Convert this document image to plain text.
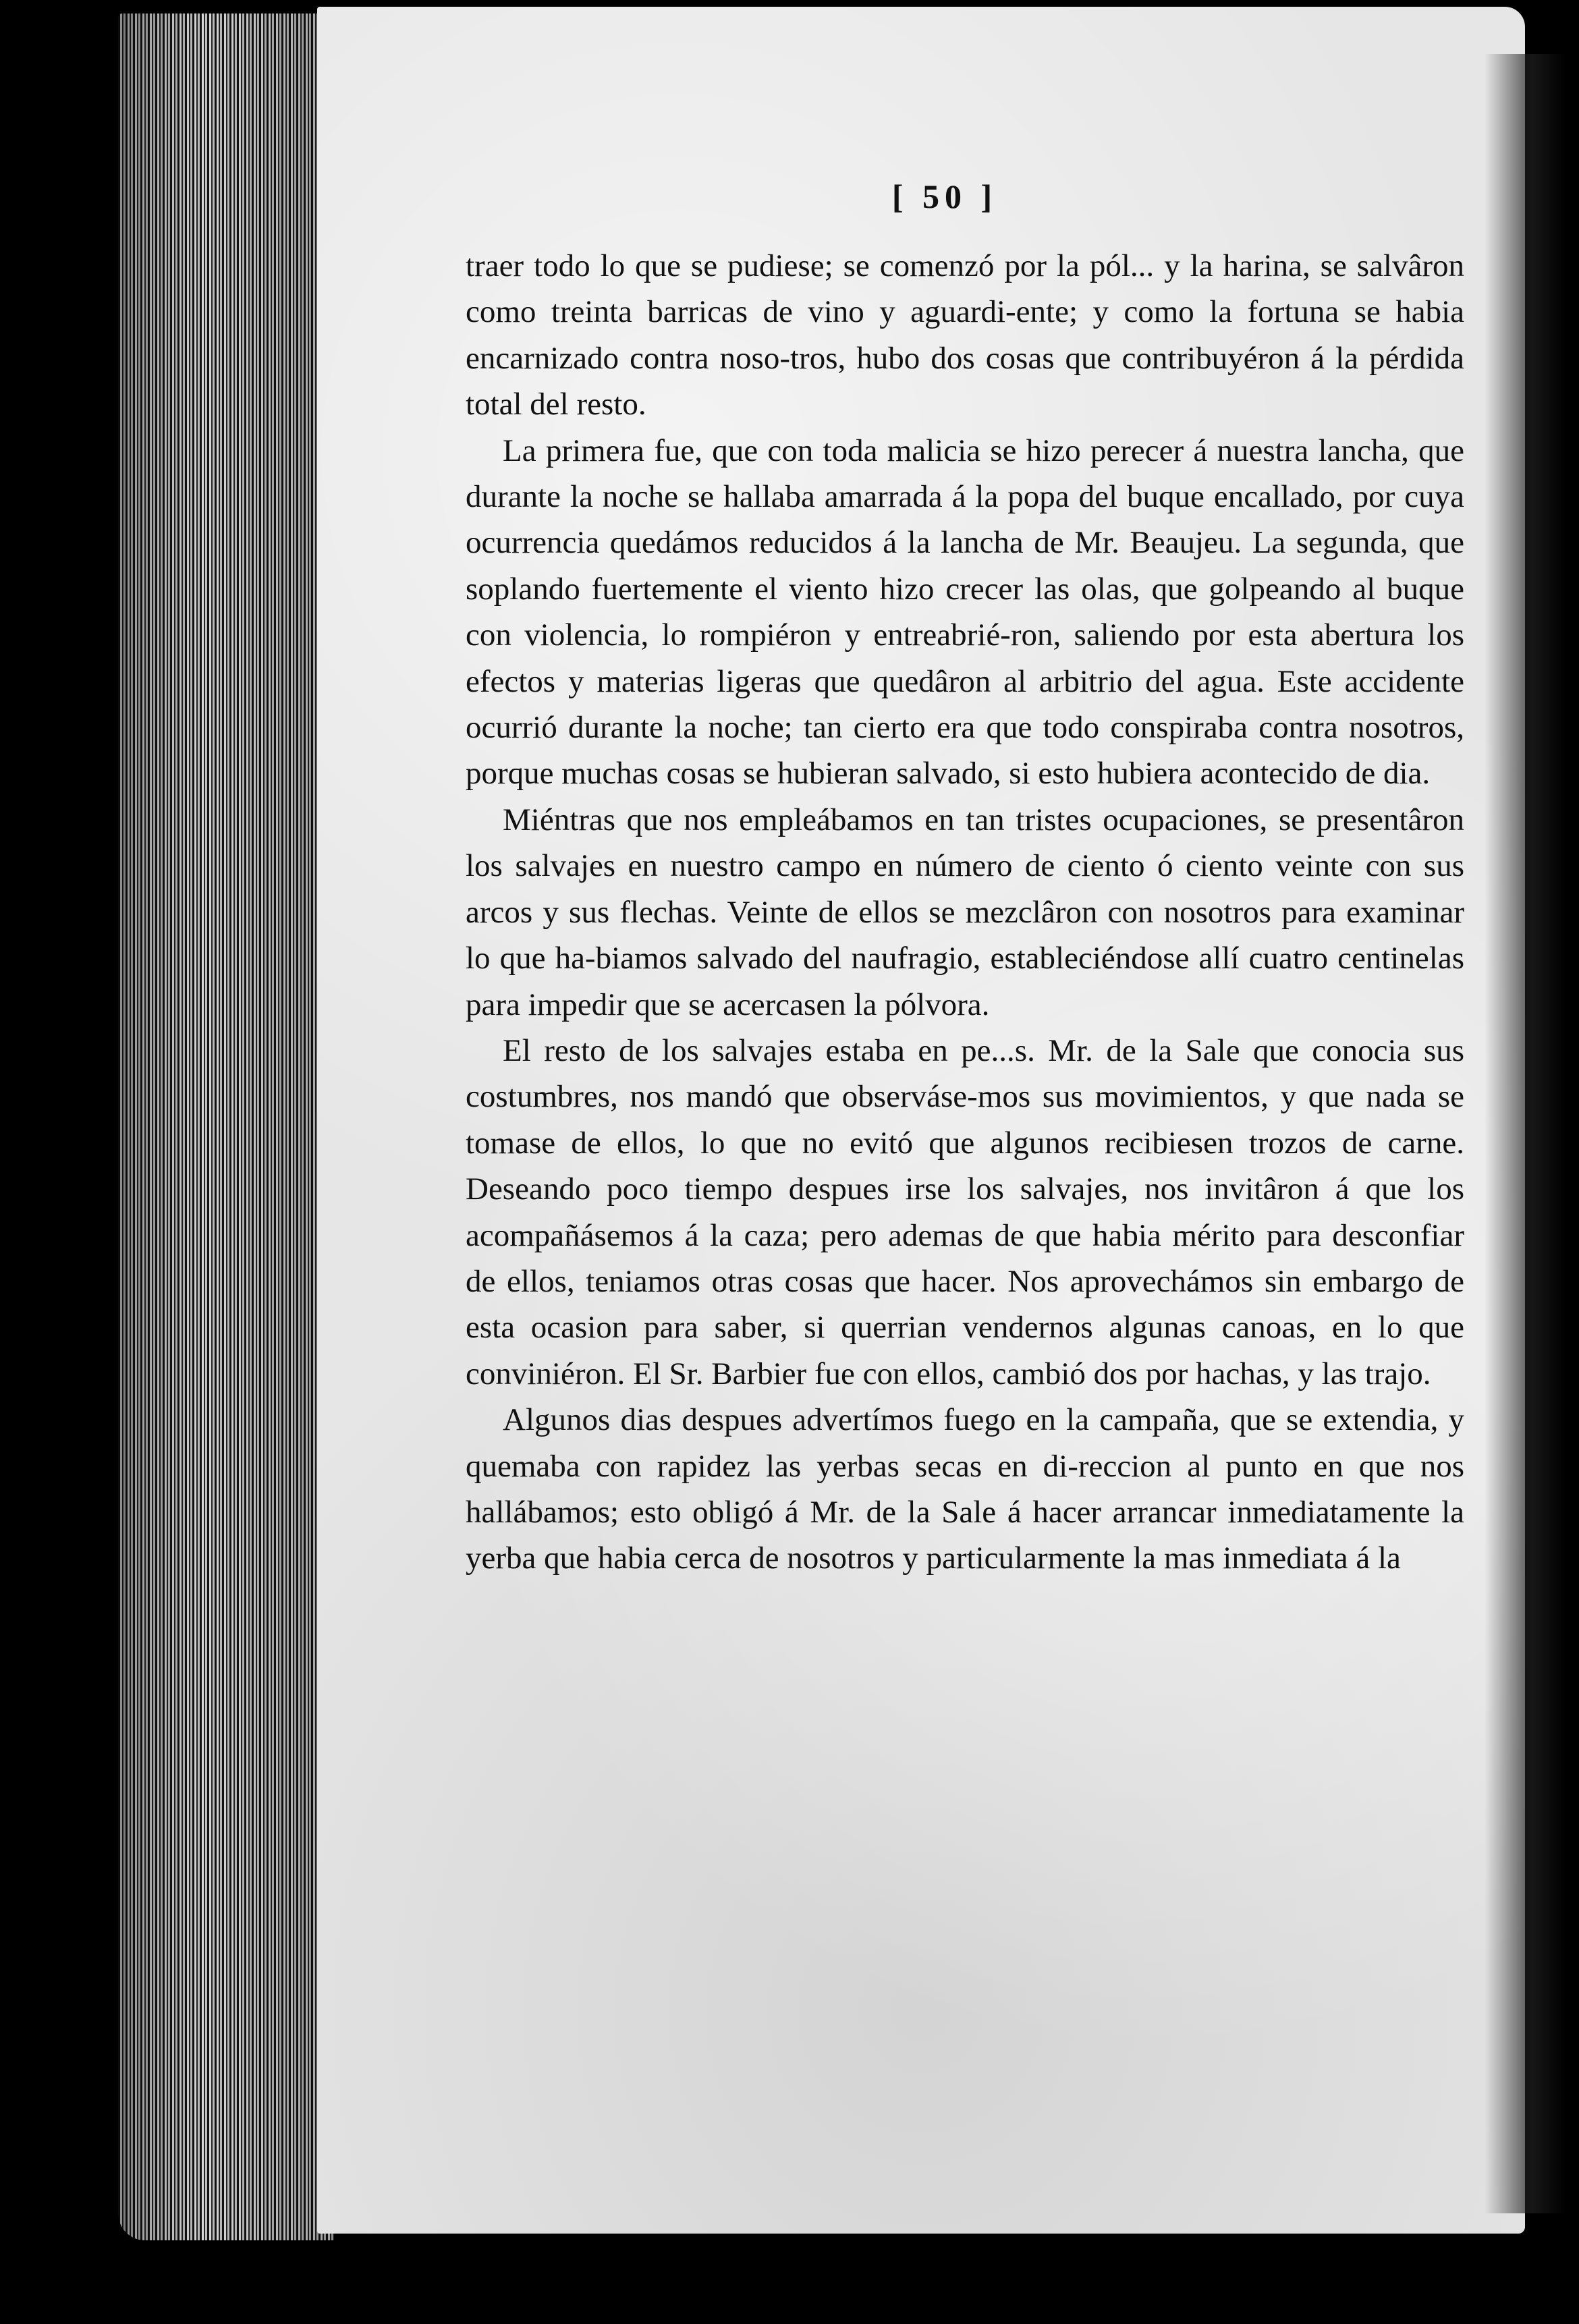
[ 50 ]

traer todo lo que se pudiese; se comenzó por la pól... y la harina, se salvâron como treinta barricas de vino y aguardi-ente; y como la fortuna se habia encarnizado contra noso-tros, hubo dos cosas que contribuyéron á la pérdida total del resto.

La primera fue, que con toda malicia se hizo perecer á nuestra lancha, que durante la noche se hallaba amarrada á la popa del buque encallado, por cuya ocurrencia quedámos reducidos á la lancha de Mr. Beaujeu. La segunda, que soplando fuertemente el viento hizo crecer las olas, que golpeando al buque con violencia, lo rompiéron y entreabrié-ron, saliendo por esta abertura los efectos y materias ligeras que quedâron al arbitrio del agua. Este accidente ocurrió durante la noche; tan cierto era que todo conspiraba contra nosotros, porque muchas cosas se hubieran salvado, si esto hubiera acontecido de dia.

Miéntras que nos empleábamos en tan tristes ocupaciones, se presentâron los salvajes en nuestro campo en número de ciento ó ciento veinte con sus arcos y sus flechas. Veinte de ellos se mezclâron con nosotros para examinar lo que ha-biamos salvado del naufragio, estableciéndose allí cuatro centinelas para impedir que se acercasen la pólvora.

El resto de los salvajes estaba en pe...s. Mr. de la Sale que conocia sus costumbres, nos mandó que observáse-mos sus movimientos, y que nada se tomase de ellos, lo que no evitó que algunos recibiesen trozos de carne. Deseando poco tiempo despues irse los salvajes, nos invitâron á que los acompañásemos á la caza; pero ademas de que habia mérito para desconfiar de ellos, teniamos otras cosas que hacer. Nos aprovechámos sin embargo de esta ocasion para saber, si querrian vendernos algunas canoas, en lo que conviniéron. El Sr. Barbier fue con ellos, cambió dos por hachas, y las trajo.

Algunos dias despues advertímos fuego en la campaña, que se extendia, y quemaba con rapidez las yerbas secas en di-reccion al punto en que nos hallábamos; esto obligó á Mr. de la Sale á hacer arrancar inmediatamente la yerba que habia cerca de nosotros y particularmente la mas inmediata á la
